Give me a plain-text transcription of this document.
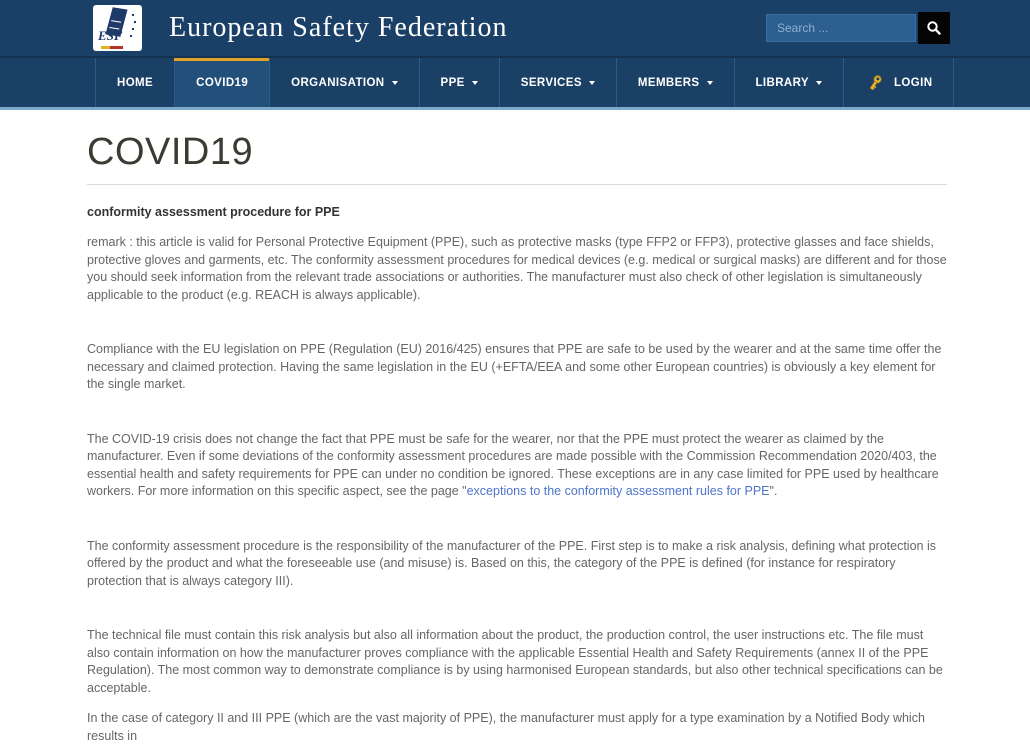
ESF European Safety Federation
Search ...
HOME	COVID19	ORGANISATION	PPE	SERVICES	MEMBERS	LIBRARY	LOGIN
COVID19
conformity assessment procedure for PPE

remark : this article is valid for Personal Protective Equipment (PPE), such as protective masks (type FFP2 or FFP3), protective glasses and face shields, protective gloves and garments, etc. The conformity assessment procedures for medical devices (e.g. medical or surgical masks) are different and for those you should seek information from the relevant trade associations or authorities. The manufacturer must also check of other legislation is simultaneously applicable to the product (e.g. REACH is always applicable).

Compliance with the EU legislation on PPE (Regulation (EU) 2016/425) ensures that PPE are safe to be used by the wearer and at the same time offer the necessary and claimed protection. Having the same legislation in the EU (+EFTA/EEA and some other European countries) is obviously a key element for the single market.

The COVID-19 crisis does not change the fact that PPE must be safe for the wearer, nor that the PPE must protect the wearer as claimed by the manufacturer. Even if some deviations of the conformity assessment procedures are made possible with the Commission Recommendation 2020/403, the essential health and safety requirements for PPE can under no condition be ignored. These exceptions are in any case limited for PPE used by healthcare workers. For more information on this specific aspect, see the page "exceptions to the conformity assessment rules for PPE".

The conformity assessment procedure is the responsibility of the manufacturer of the PPE. First step is to make a risk analysis, defining what protection is offered by the product and what the foreseeable use (and misuse) is. Based on this, the category of the PPE is defined (for instance for respiratory protection that is always category III).

The technical file must contain this risk analysis but also all information about the product, the production control, the user instructions etc. The file must also contain information on how the manufacturer proves compliance with the applicable Essential Health and Safety Requirements (annex II of the PPE Regulation). The most common way to demonstrate compliance is by using harmonised European standards, but also other technical specifications can be acceptable.

In the case of category II and III PPE (which are the vast majority of PPE), the manufacturer must apply for a type examination by a Notified Body which results in
